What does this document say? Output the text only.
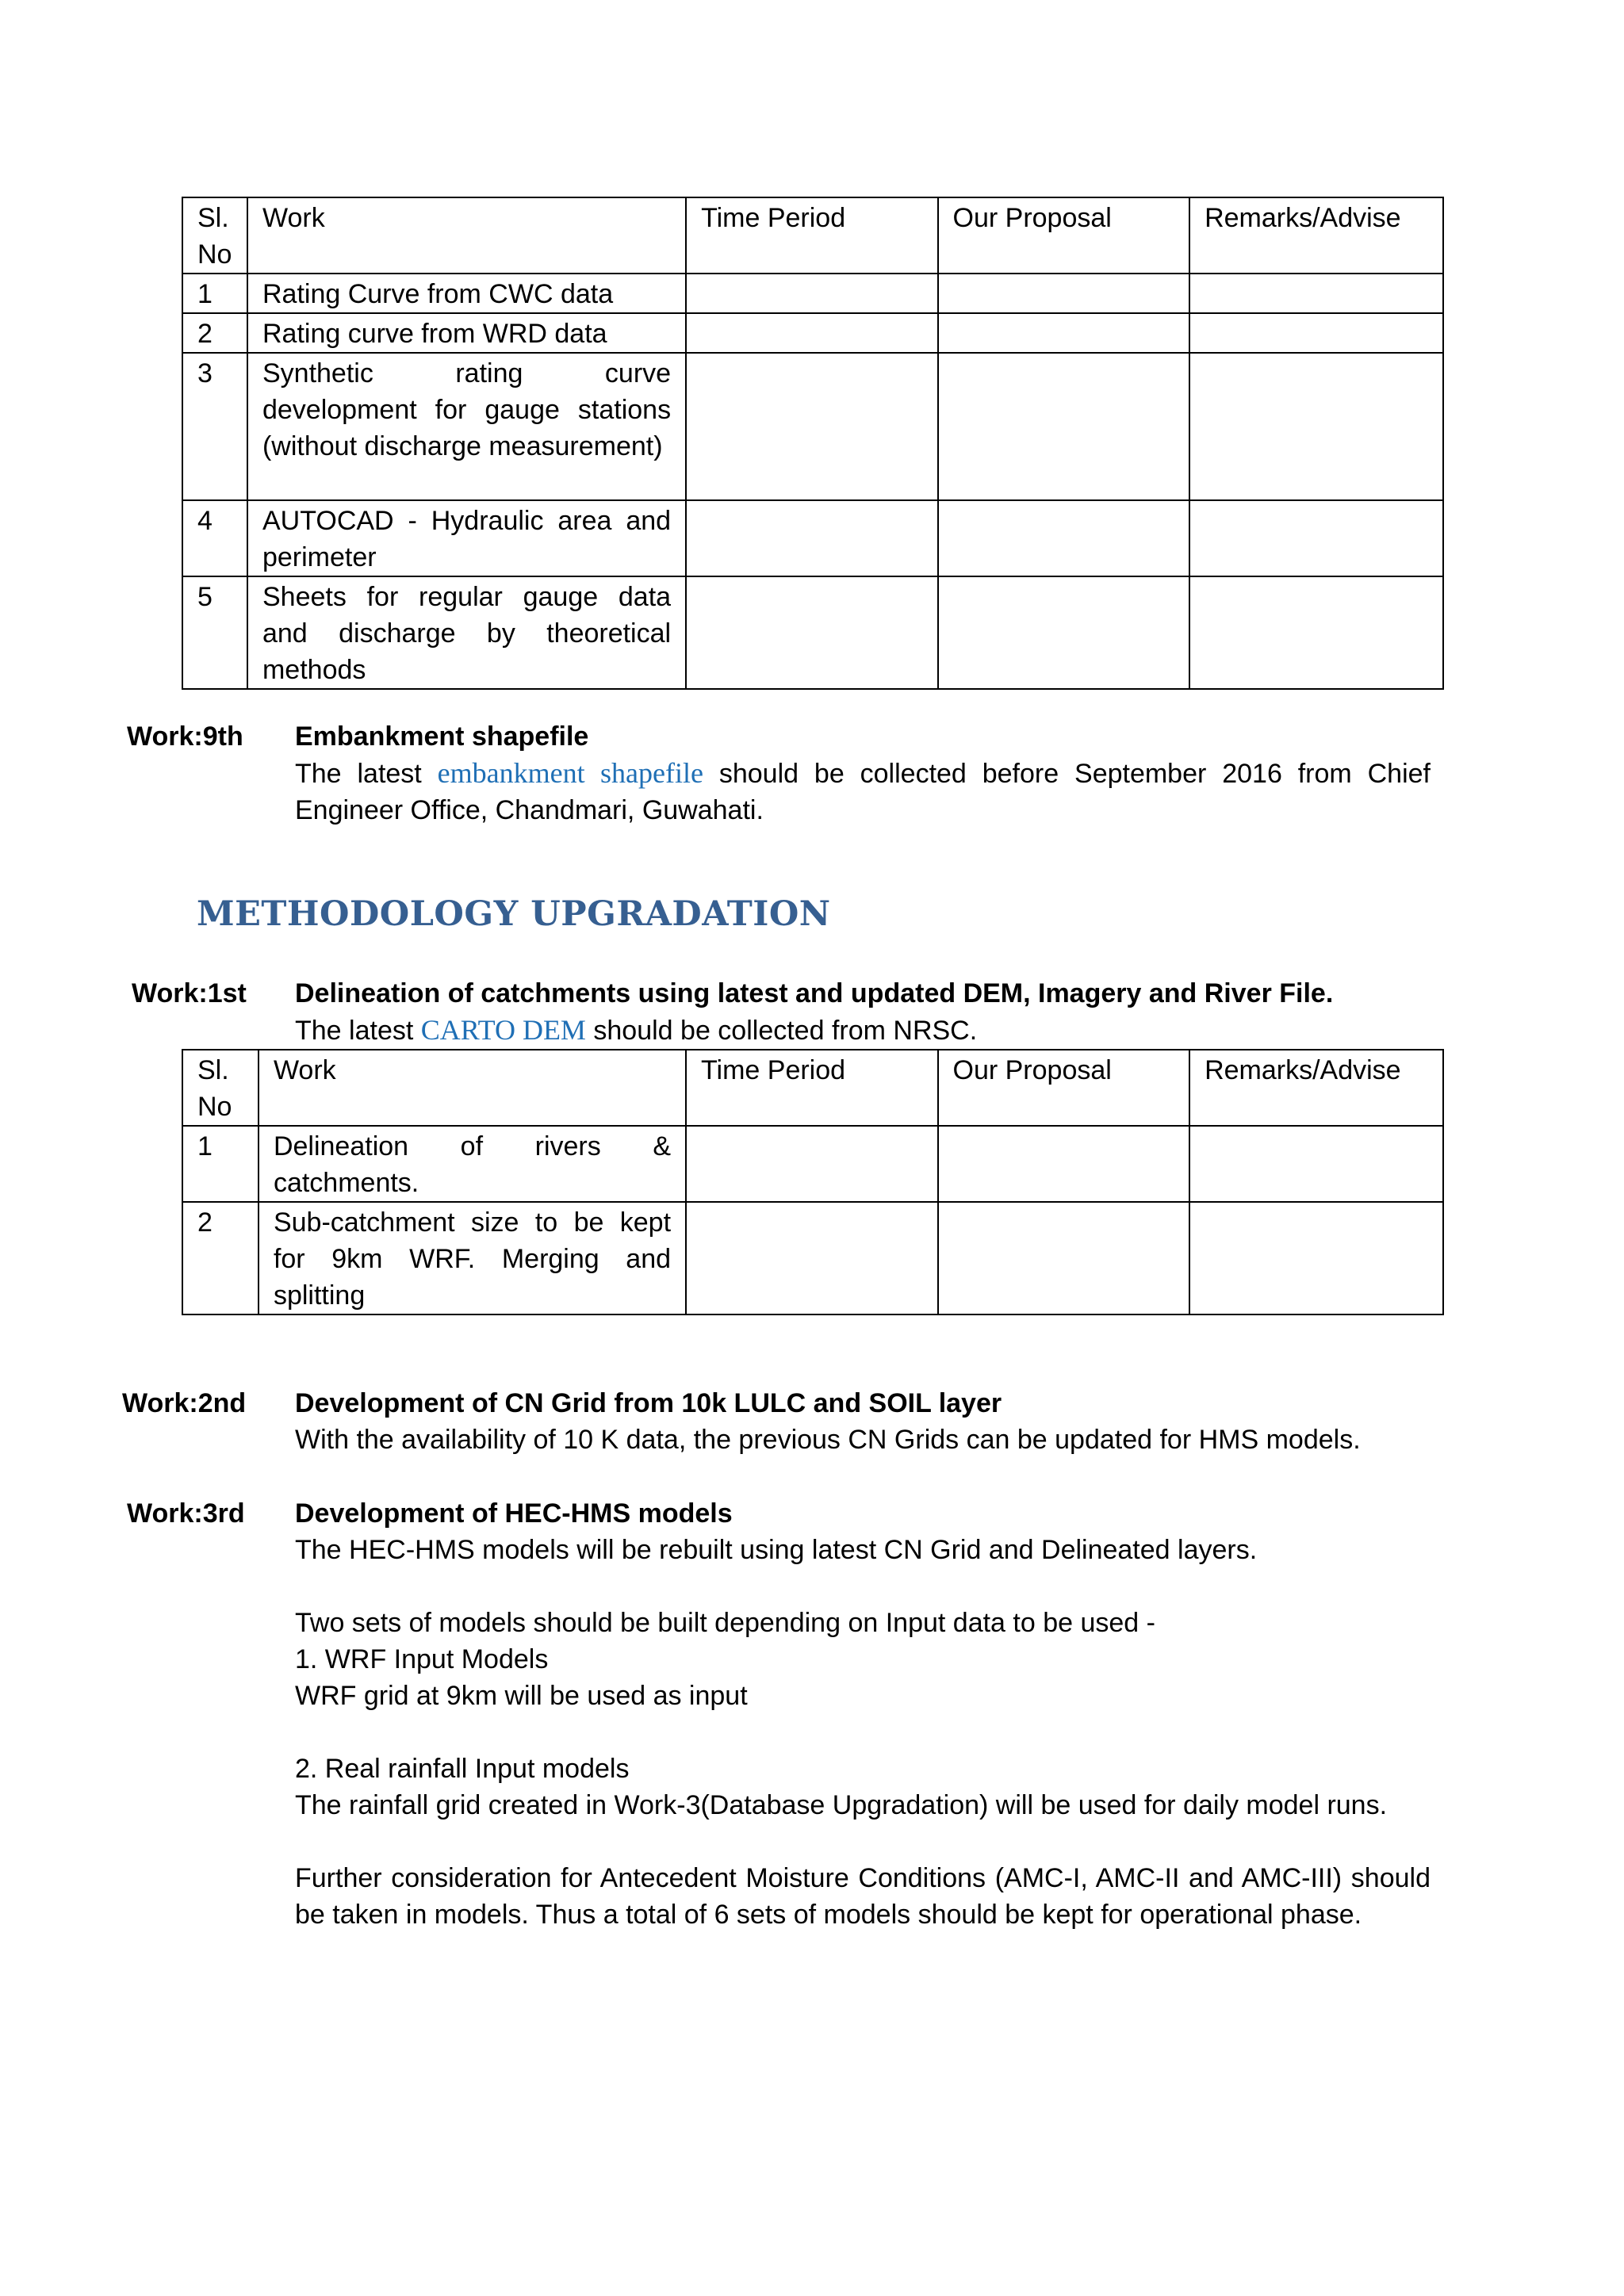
Sl. No	Work	Time Period	Our Proposal	Remarks/Advise
1	Rating Curve from CWC data			
2	Rating curve from WRD data			
3	Synthetic rating curve development for gauge stations (without discharge measurement)			
4	AUTOCAD - Hydraulic area and perimeter			
5	Sheets for regular gauge data and discharge by theoretical methods			
Work:9th Embankment shapefile

The latest embankment shapefile should be collected before September 2016 from Chief Engineer Office, Chandmari, Guwahati.

METHODOLOGY UPGRADATION
Work:1st Delineation of catchments using latest and updated DEM, Imagery and River File.

The latest CARTO DEM should be collected from NRSC.

Sl. No	Work	Time Period	Our Proposal	Remarks/Advise
1	Delineation of rivers & catchments.			
2	Sub-catchment size to be kept for 9km WRF. Merging and splitting			
Work:2nd Development of CN Grid from 10k LULC and SOIL layer

With the availability of 10 K data, the previous CN Grids can be updated for HMS models.

Work:3rd Development of HEC-HMS models

The HEC-HMS models will be rebuilt using latest CN Grid and Delineated layers.

Two sets of models should be built depending on Input data to be used -

1. WRF Input Models

WRF grid at 9km will be used as input

2. Real rainfall Input models

The rainfall grid created in Work-3(Database Upgradation) will be used for daily model runs.

Further consideration for Antecedent Moisture Conditions (AMC-I, AMC-II and AMC-III) should be taken in models. Thus a total of 6 sets of models should be kept for operational phase.
